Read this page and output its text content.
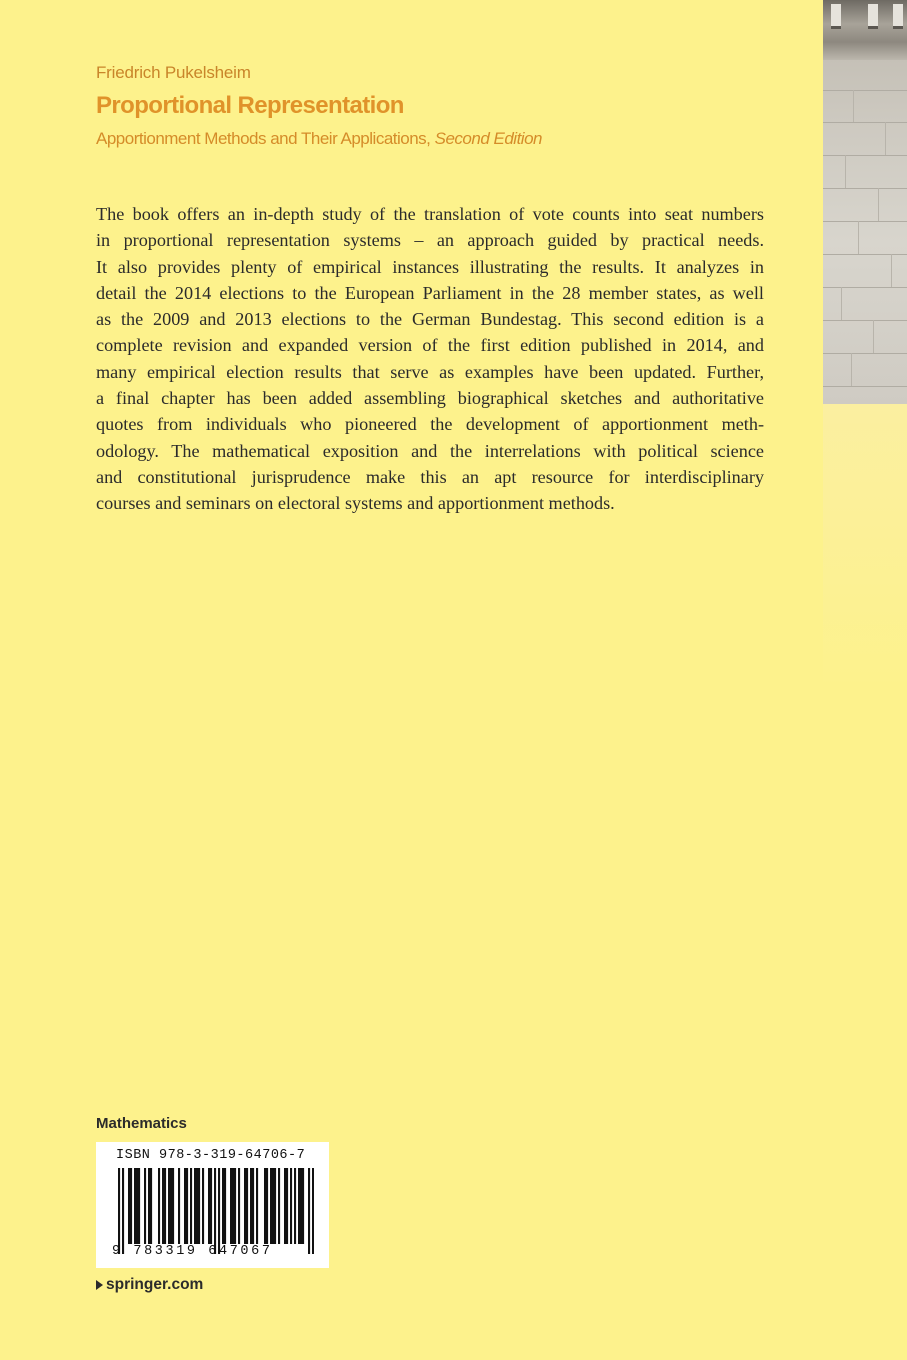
Friedrich Pukelsheim
Proportional Representation
Apportionment Methods and Their Applications, Second Edition
The book offers an in-depth study of the translation of vote counts into seat numbers
in proportional representation systems – an approach guided by practical needs.
It also provides plenty of empirical instances illustrating the results. It analyzes in
detail the 2014 elections to the European Parliament in the 28 member states, as well
as the 2009 and 2013 elections to the German Bundestag. This second edition is a
complete revision and expanded version of the first edition published in 2014, and
many empirical election results that serve as examples have been updated. Further,
a final chapter has been added assembling biographical sketches and authoritative
quotes from individuals who pioneered the development of apportionment meth-
odology. The mathematical exposition and the interrelations with political science
and constitutional jurisprudence make this an apt resource for interdisciplinary
courses and seminars on electoral systems and apportionment methods.
Mathematics
ISBN 978-3-319-64706-7
9 783319 647067
springer.com
